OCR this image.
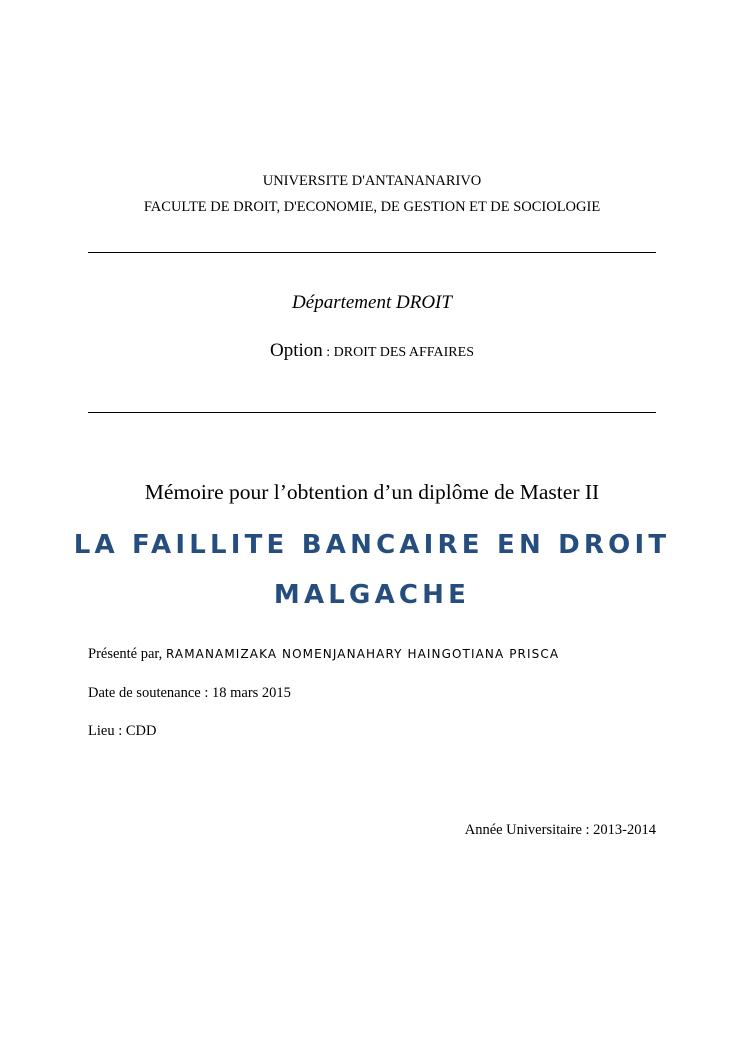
UNIVERSITE D'ANTANANARIVO
FACULTE DE DROIT, D'ECONOMIE, DE GESTION ET DE SOCIOLOGIE
Département DROIT
Option : DROIT DES AFFAIRES
Mémoire pour l’obtention d’un diplôme de Master II
LA FAILLITE BANCAIRE EN DROIT
MALGACHE
Présenté par, RAMANAMIZAKA NOMENJANAHARY HAINGOTIANA PRISCA
Date de soutenance : 18 mars 2015
Lieu : CDD
Année Universitaire : 2013-2014
